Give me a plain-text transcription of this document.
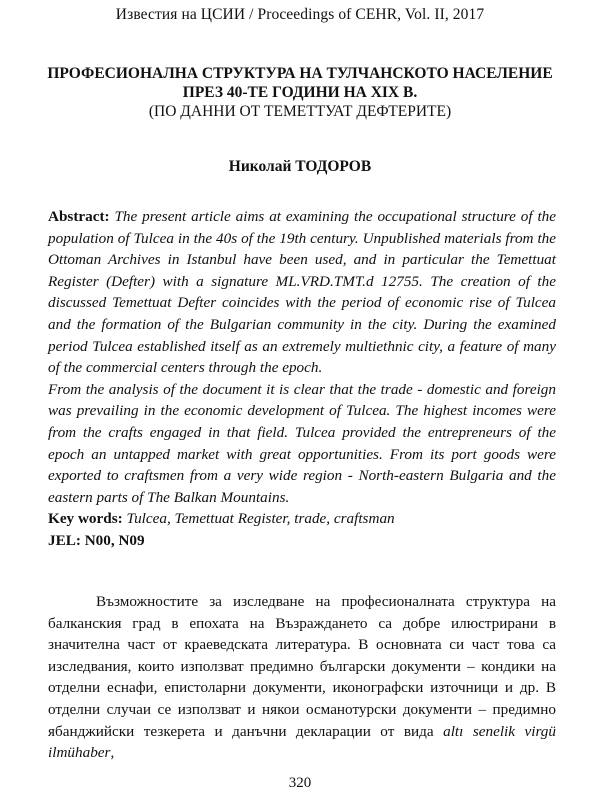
Известия на ЦСИИ / Proceedings of CEHR, Vol. II, 2017
ПРОФЕСИОНАЛНА СТРУКТУРА НА ТУЛЧАНСКОТО НАСЕЛЕНИЕ
ПРЕЗ 40-ТЕ ГОДИНИ НА XIX В.
(ПО ДАННИ ОТ ТЕМЕТТУАТ ДЕФТЕРИТЕ)
Николай ТОДОРОВ

Abstract: The present article aims at examining the occupational structure of the population of Tulcea in the 40s of the 19th century. Unpublished materials from the Ottoman Archives in Istanbul have been used, and in particular the Temettuat Register (Defter) with a signature ML.VRD.TMT.d 12755. The creation of the discussed Temettuat Defter coincides with the period of economic rise of Tulcea and the formation of the Bulgarian community in the city. During the examined period Tulcea established itself as an extremely multiethnic city, a feature of many of the commercial centers through the epoch.

From the analysis of the document it is clear that the trade - domestic and foreign was prevailing in the economic development of Tulcea. The highest incomes were from the crafts engaged in that field. Tulcea provided the entrepreneurs of the epoch an untapped market with great opportunities. From its port goods were exported to craftsmen from a very wide region - North-eastern Bulgaria and the eastern parts of The Balkan Mountains.

Key words: Tulcea, Temettuat Register, trade, craftsman

JEL: N00, N09

Възможностите за изследване на професионалната структура на балканския град в епохата на Възраждането са добре илюстрирани в значителна част от краеведската литература. В основната си част това са изследвания, които използват предимно български документи – кондики на отделни еснафи, епистоларни документи, иконографски източници и др. В отделни случаи се използват и някои османотурски документи – предимно ябанджийски тезкерета и данъчни декларации от вида altı senelik virgü ilmühaber,

320
